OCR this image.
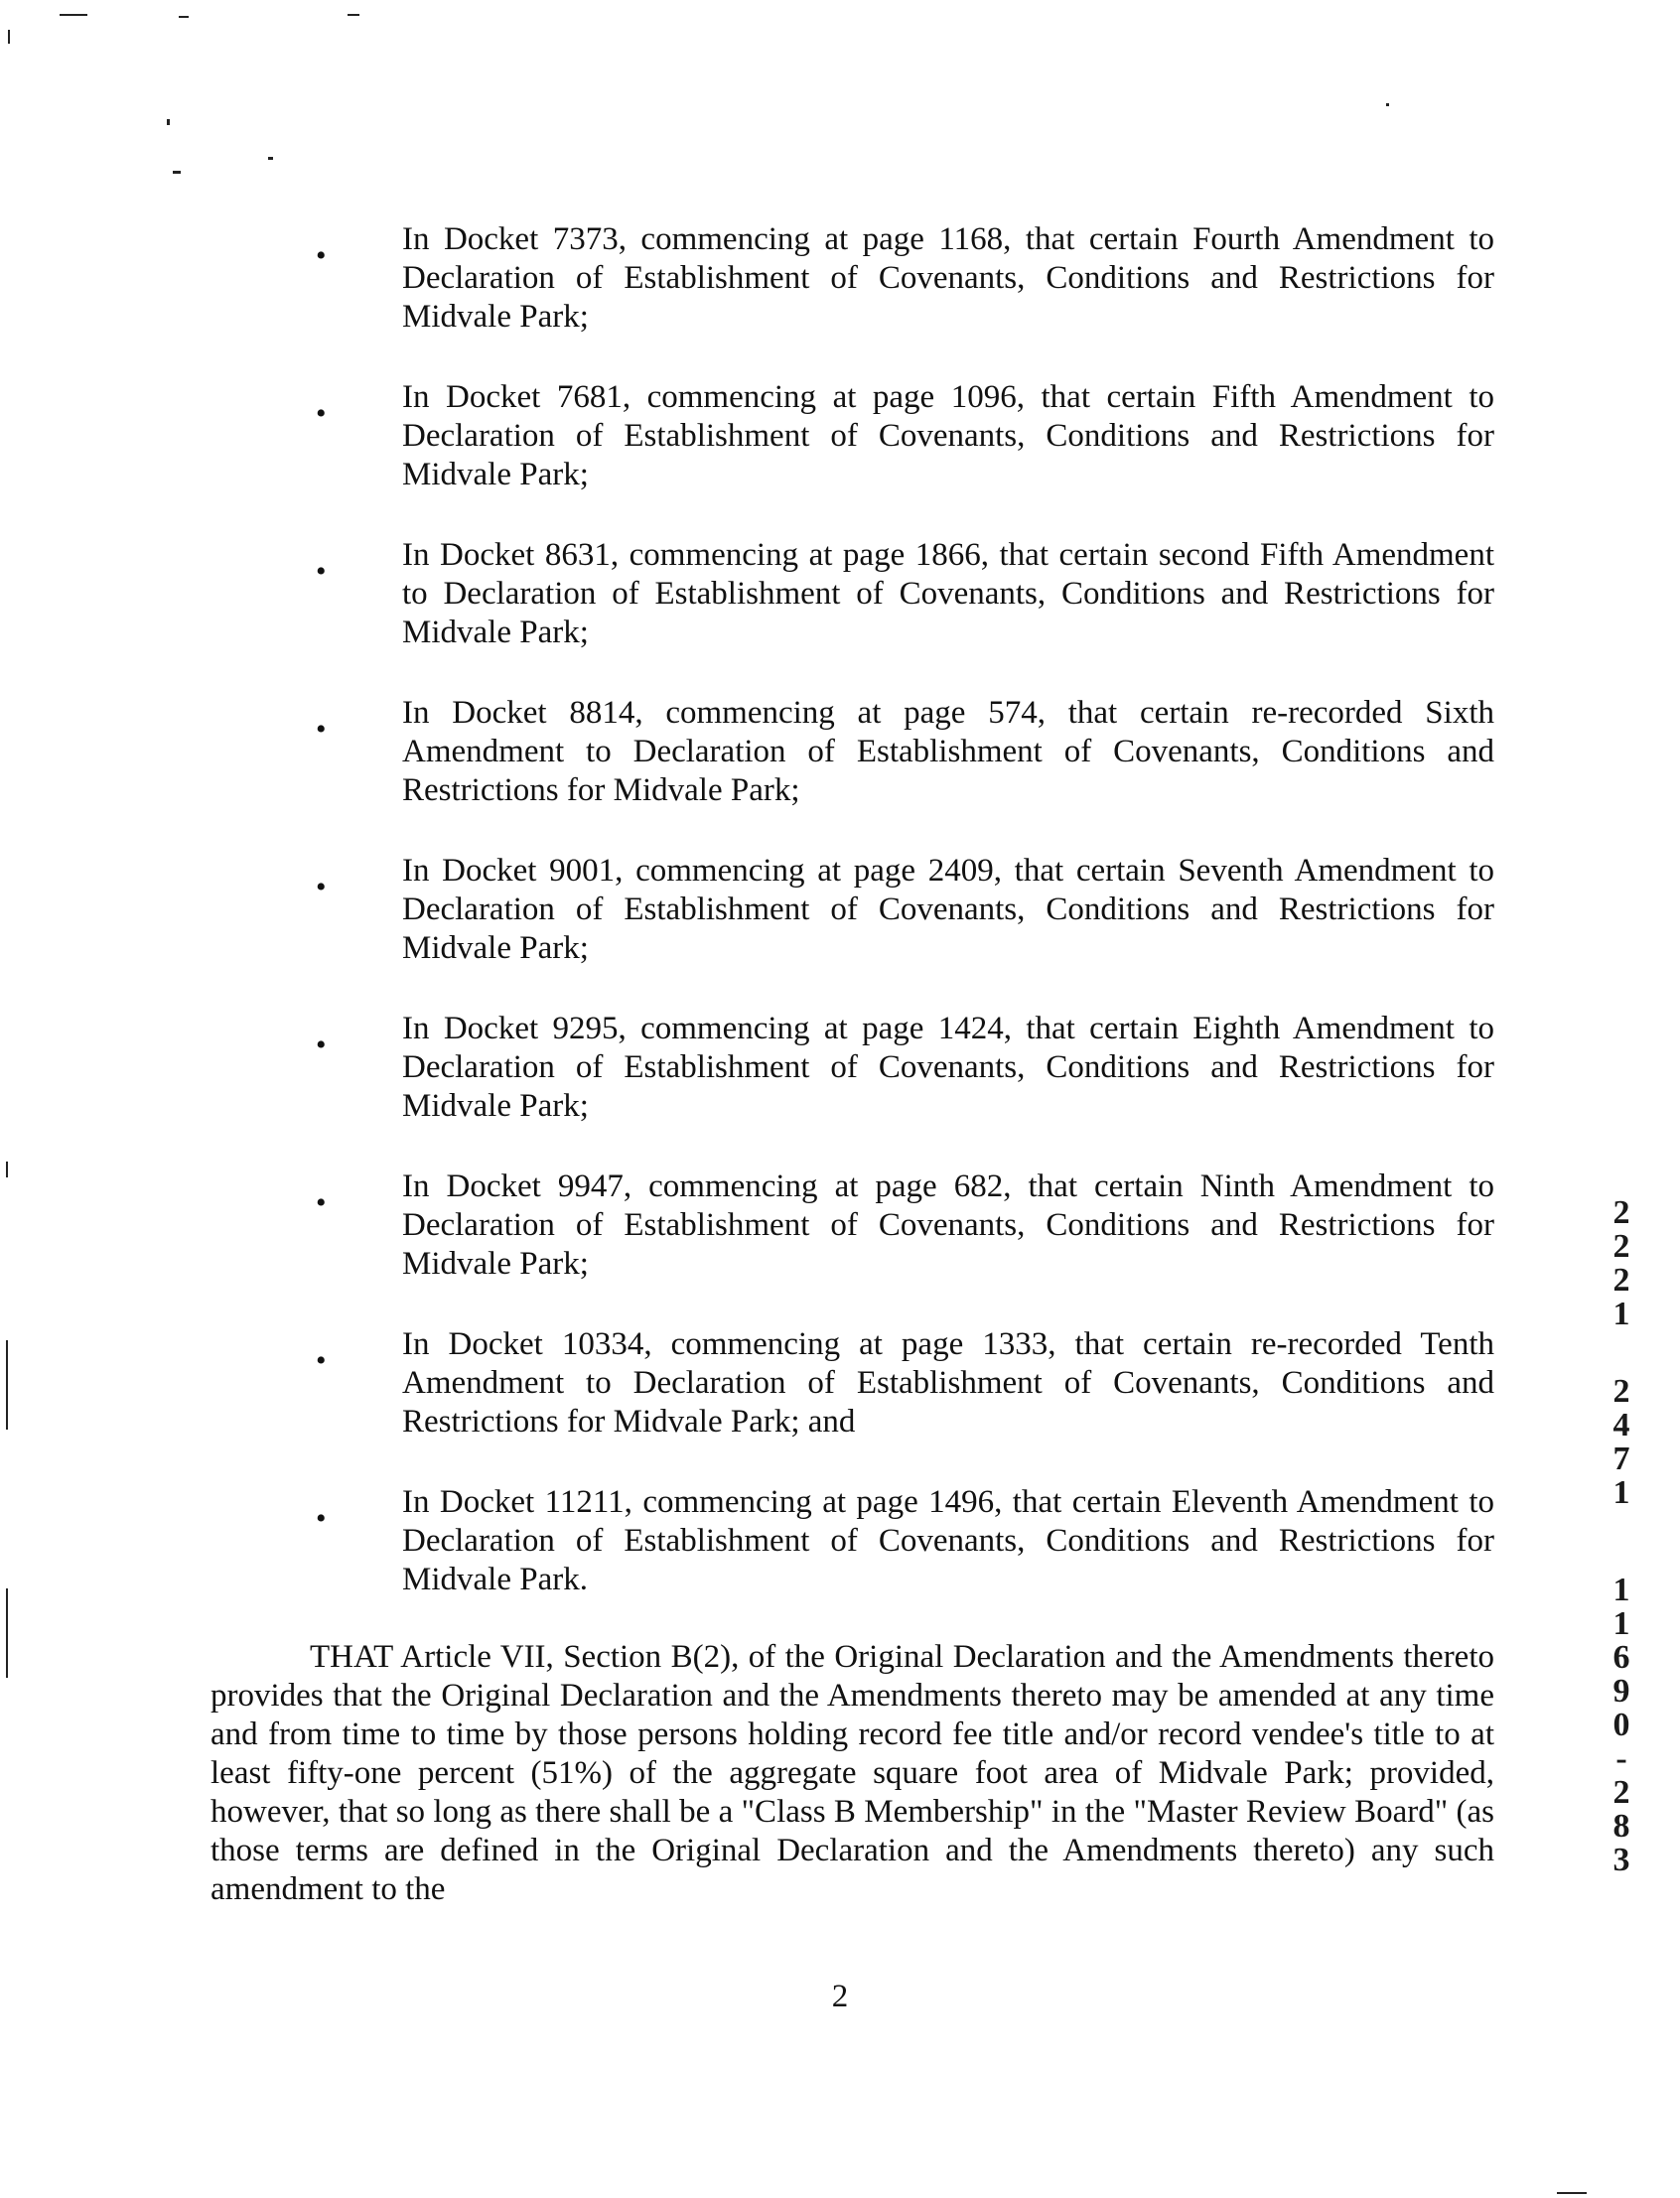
•
•
•
•
•
•
•
•
•
In Docket 7373, commencing at page 1168, that certain Fourth Amendment to Declaration of Establishment of Covenants, Conditions and Restrictions for Midvale Park;
In Docket 7681, commencing at page 1096, that certain Fifth Amendment to Declaration of Establishment of Covenants, Conditions and Restrictions for Midvale Park;
In Docket 8631, commencing at page 1866, that certain second Fifth Amendment to Declaration of Establishment of Covenants, Conditions and Restrictions for Midvale Park;
In Docket 8814, commencing at page 574, that certain re-recorded Sixth Amendment to Declaration of Establishment of Covenants, Conditions and Restrictions for Midvale Park;
In Docket 9001, commencing at page 2409, that certain Seventh Amendment to Declaration of Establishment of Covenants, Conditions and Restrictions for Midvale Park;
In Docket 9295, commencing at page 1424, that certain Eighth Amendment to Declaration of Establishment of Covenants, Conditions and Restrictions for Midvale Park;
In Docket 9947, commencing at page 682, that certain Ninth Amendment to Declaration of Establishment of Covenants, Conditions and Restrictions for Midvale Park;
In Docket 10334, commencing at page 1333, that certain re-recorded Tenth Amendment to Declaration of Establishment of Covenants, Conditions and Restrictions for Midvale Park; and
In Docket 11211, commencing at page 1496, that certain Eleventh Amendment to Declaration of Establishment of Covenants, Conditions and Restrictions for Midvale Park.
THAT Article VII, Section B(2), of the Original Declaration and the Amendments thereto provides that the Original Declaration and the Amendments thereto may be amended at any time and from time to time by those persons holding record fee title and/or record vendee's title to at least fifty-one percent (51%) of the aggregate square foot area of Midvale Park; provided, however, that so long as there shall be a "Class B Membership" in the "Master Review Board" (as those terms are defined in the Original Declaration and the Amendments thereto) any such amendment to the
2
2
2
2
1
2
4
7
1
1
1
6
9
0
-
2
8
3
